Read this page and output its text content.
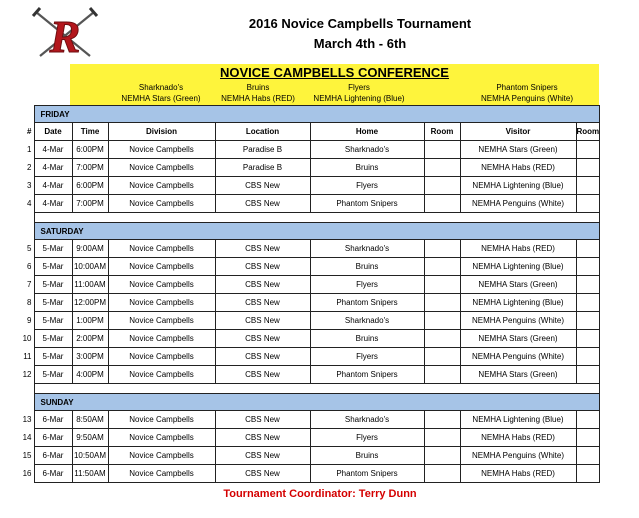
R	2016 Novice Campbells Tournament
March 4th - 6th
NOVICE CAMPBELLS CONFERENCE
Sharknado's
NEMHA Stars (Green)
Bruins
NEMHA Habs (RED)
Flyers
NEMHA Lightening (Blue)
Phantom Snipers
NEMHA Penguins (White)
	FRIDAY							
#	Date	Time	Division	Location	Home	Room	Visitor	Room
1	4-Mar	6:00PM	Novice Campbells	Paradise B	Sharknado's		NEMHA Stars (Green)	
2	4-Mar	7:00PM	Novice Campbells	Paradise B	Bruins		NEMHA Habs (RED)	
3	4-Mar	6:00PM	Novice Campbells	CBS New	Flyers		NEMHA Lightening (Blue)	
4	4-Mar	7:00PM	Novice Campbells	CBS New	Phantom Snipers		NEMHA Penguins (White)	

	SATURDAY							
5	5-Mar	9:00AM	Novice Campbells	CBS New	Sharknado's		NEMHA Habs (RED)	
6	5-Mar	10:00AM	Novice Campbells	CBS New	Bruins		NEMHA Lightening (Blue)	
7	5-Mar	11:00AM	Novice Campbells	CBS New	Flyers		NEMHA Stars (Green)	
8	5-Mar	12:00PM	Novice Campbells	CBS New	Phantom Snipers		NEMHA Lightening (Blue)	
9	5-Mar	1:00PM	Novice Campbells	CBS New	Sharknado's		NEMHA Penguins (White)	
10	5-Mar	2:00PM	Novice Campbells	CBS New	Bruins		NEMHA Stars (Green)	
11	5-Mar	3:00PM	Novice Campbells	CBS New	Flyers		NEMHA Penguins (White)	
12	5-Mar	4:00PM	Novice Campbells	CBS New	Phantom Snipers		NEMHA Stars (Green)	

	SUNDAY							
13	6-Mar	8:50AM	Novice Campbells	CBS New	Sharknado's		NEMHA Lightening (Blue)	
14	6-Mar	9:50AM	Novice Campbells	CBS New	Flyers		NEMHA Habs (RED)	
15	6-Mar	10:50AM	Novice Campbells	CBS New	Bruins		NEMHA Penguins (White)	
16	6-Mar	11:50AM	Novice Campbells	CBS New	Phantom Snipers		NEMHA Habs (RED)	
Tournament Coordinator: Terry Dunn
